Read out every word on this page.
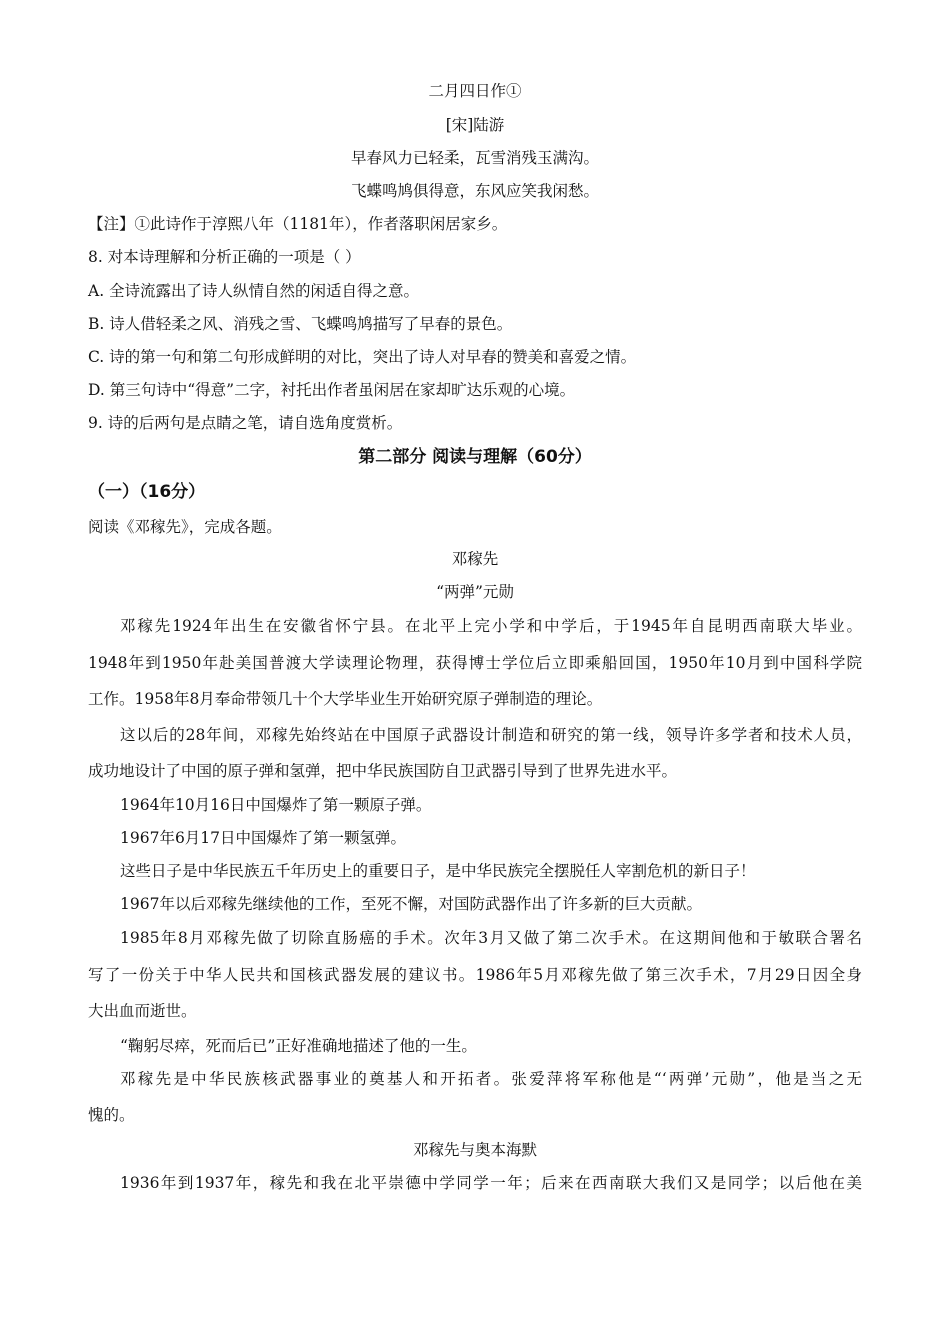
二月四日作①
[宋]陆游
早春风力已轻柔，瓦雪消残玉满沟。
飞蝶鸣鸠俱得意，东风应笑我闲愁。
【注】①此诗作于淳熙八年（1181年），作者落职闲居家乡。
8. 对本诗理解和分析正确的一项是（ ）
A. 全诗流露出了诗人纵情自然的闲适自得之意。
B. 诗人借轻柔之风、消残之雪、飞蝶鸣鸠描写了早春的景色。
C. 诗的第一句和第二句形成鲜明的对比，突出了诗人对早春的赞美和喜爱之情。
D. 第三句诗中“得意”二字，衬托出作者虽闲居在家却旷达乐观的心境。
9. 诗的后两句是点睛之笔，请自选角度赏析。
第二部分 阅读与理解（60分）
（一）（16分）
阅读《邓稼先》，完成各题。
邓稼先
“两弹”元勋
邓稼先1924年出生在安徽省怀宁县。在北平上完小学和中学后，于1945年自昆明西南联大毕业。
1948年到1950年赴美国普渡大学读理论物理，获得博士学位后立即乘船回国，1950年10月到中国科学院
工作。1958年8月奉命带领几十个大学毕业生开始研究原子弹制造的理论。
这以后的28年间，邓稼先始终站在中国原子武器设计制造和研究的第一线，领导许多学者和技术人员，
成功地设计了中国的原子弹和氢弹，把中华民族国防自卫武器引导到了世界先进水平。
1964年10月16日中国爆炸了第一颗原子弹。
1967年6月17日中国爆炸了第一颗氢弹。
这些日子是中华民族五千年历史上的重要日子，是中华民族完全摆脱任人宰割危机的新日子！
1967年以后邓稼先继续他的工作，至死不懈，对国防武器作出了许多新的巨大贡献。
1985年8月邓稼先做了切除直肠癌的手术。次年3月又做了第二次手术。在这期间他和于敏联合署名
写了一份关于中华人民共和国核武器发展的建议书。1986年5月邓稼先做了第三次手术，7月29日因全身
大出血而逝世。
“鞠躬尽瘁，死而后已”正好准确地描述了他的一生。
邓稼先是中华民族核武器事业的奠基人和开拓者。张爱萍将军称他是“‘两弹’元勋”，他是当之无
愧的。
邓稼先与奥本海默
1936年到1937年，稼先和我在北平崇德中学同学一年；后来在西南联大我们又是同学；以后他在美
